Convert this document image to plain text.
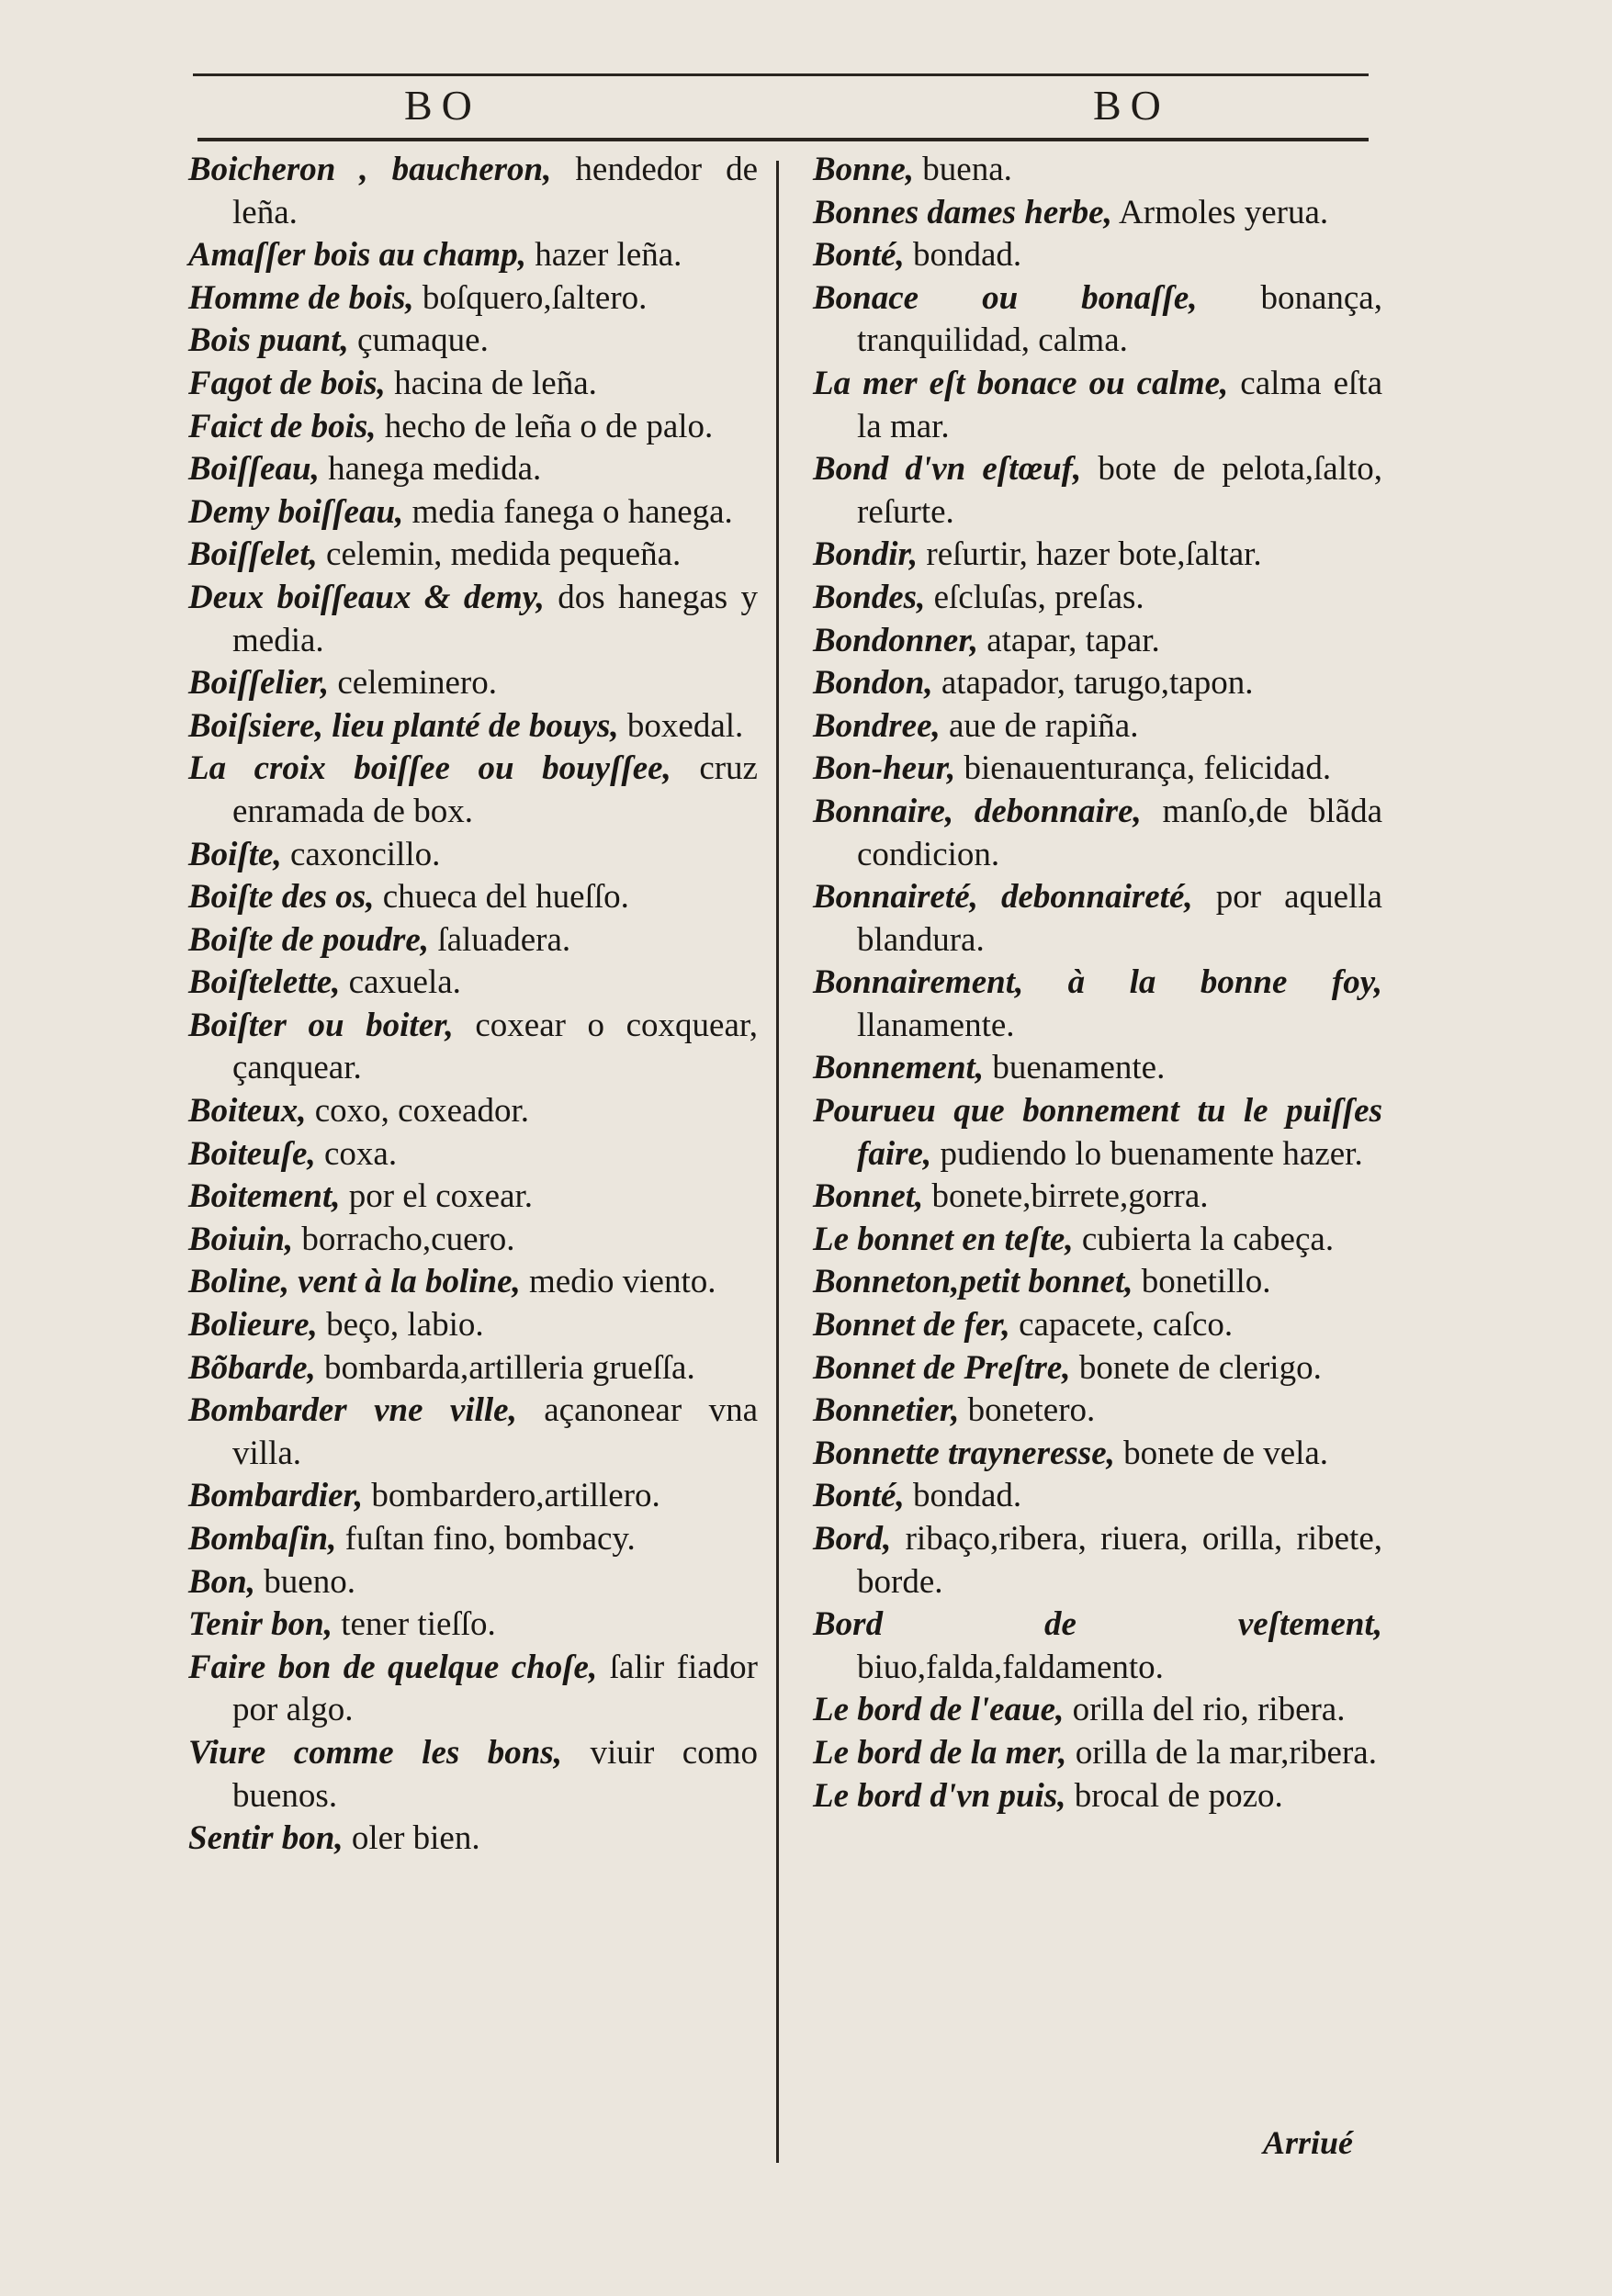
BO	BO
Boicheron , baucheron, hendedor de leña.
Amaſſer bois au champ, hazer leña.
Homme de bois, boſquero,ſaltero.
Bois puant, çumaque.
Fagot de bois, hacina de leña.
Faict de bois, hecho de leña o de palo.
Boiſſeau, hanega medida.
Demy boiſſeau, media fanega o hanega.
Boiſſelet, celemin, medida pequeña.
Deux boiſſeaux & demy, dos hanegas y media.
Boiſſelier, celeminero.
Boiſsiere, lieu planté de bouys, boxedal.
La croix boiſſee ou bouyſſee, cruz enramada de box.
Boiſte, caxoncillo.
Boiſte des os, chueca del hueſſo.
Boiſte de poudre, ſaluadera.
Boiſtelette, caxuela.
Boiſter ou boiter, coxear o coxquear, çanquear.
Boiteux, coxo, coxeador.
Boiteuſe, coxa.
Boitement, por el coxear.
Boiuin, borracho,cuero.
Boline, vent à la boline, medio viento.
Bolieure, beço, labio.
Bõbarde, bombarda,artilleria grueſſa.
Bombarder vne ville, açanonear vna villa.
Bombardier, bombardero,artillero.
Bombaſin, fuſtan fino, bombacy.
Bon, bueno.
Tenir bon, tener tieſſo.
Faire bon de quelque choſe, ſalir fiador por algo.
Viure comme les bons, viuir como buenos.
Sentir bon, oler bien.
Bonne, buena.
Bonnes dames herbe, Armoles yerua.
Bonté, bondad.
Bonace ou bonaſſe, bonança, tranquilidad, calma.
La mer eſt bonace ou calme, calma eſta la mar.
Bond d'vn eſtœuf, bote de pelota,ſalto, reſurte.
Bondir, reſurtir, hazer bote,ſaltar.
Bondes, eſcluſas, preſas.
Bondonner, atapar, tapar.
Bondon, atapador, tarugo,tapon.
Bondree, aue de rapiña.
Bon-heur, bienauenturança, felicidad.
Bonnaire, debonnaire, manſo,de blãda condicion.
Bonnaireté, debonnaireté, por aquella blandura.
Bonnairement, à la bonne foy, llanamente.
Bonnement, buenamente.
Pourueu que bonnement tu le puiſſes faire, pudiendo lo buenamente hazer.
Bonnet, bonete,birrete,gorra.
Le bonnet en teſte, cubierta la cabeça.
Bonneton,petit bonnet, bonetillo.
Bonnet de fer, capacete, caſco.
Bonnet de Preſtre, bonete de clerigo.
Bonnetier, bonetero.
Bonnette trayneresse, bonete de vela.
Bonté, bondad.
Bord, ribaço,ribera, riuera, orilla, ribete, borde.
Bord de veſtement, biuo,falda,faldamento.
Le bord de l'eaue, orilla del rio, ribera.
Le bord de la mer, orilla de la mar,ribera.
Le bord d'vn puis, brocal de pozo.
Arriué
